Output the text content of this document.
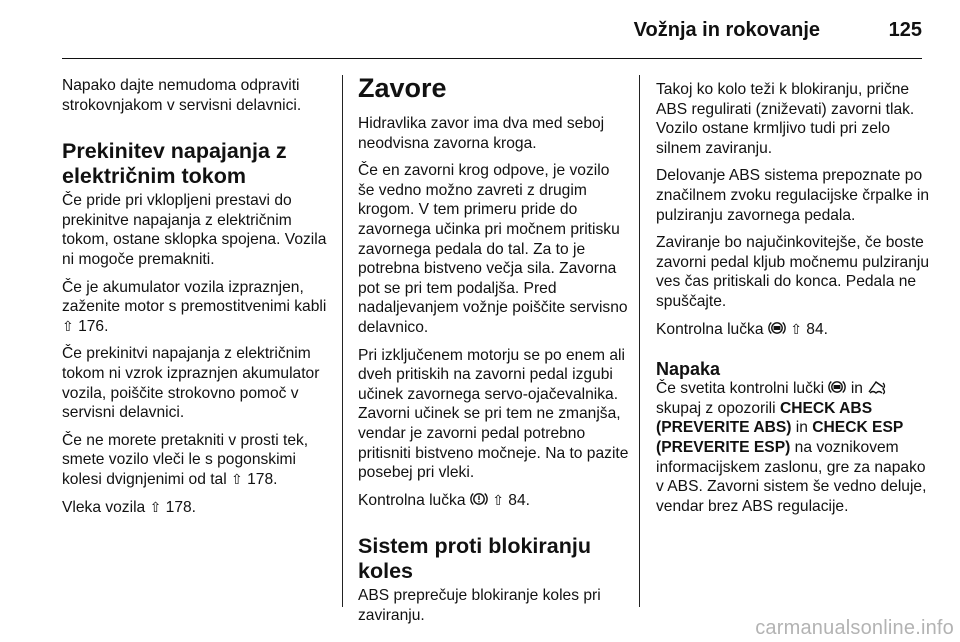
Vožnja in rokovanje	125

Napako dajte nemudoma odpraviti strokovnjakom v servisni delavnici.

Prekinitev napajanja z električnim tokom

Če pride pri vklopljeni prestavi do prekinitve napajanja z električnim tokom, ostane sklopka spojena. Vozila ni mogoče premakniti.

Če je akumulator vozila izpraznjen, zaženite motor s premostitvenimi kabli ⇧ 176.

Če prekinitvi napajanja z električnim tokom ni vzrok izpraznjen akumulator vozila, poiščite strokovno pomoč v servisni delavnici.

Če ne morete pretakniti v prosti tek, smete vozilo vleči le s pogonskimi kolesi dvignjenimi od tal ⇧ 178.

Vleka vozila ⇧ 178.

Zavore

Hidravlika zavor ima dva med seboj neodvisna zavorna kroga.

Če en zavorni krog odpove, je vozilo še vedno možno zavreti z drugim krogom. V tem primeru pride do zavornega učinka pri močnem pritisku zavornega pedala do tal. Za to je potrebna bistveno večja sila. Zavorna pot se pri tem podaljša. Pred nadaljevanjem vožnje poiščite servisno delavnico.

Pri izključenem motorju se po enem ali dveh pritiskih na zavorni pedal izgubi učinek zavornega servo-ojačevalnika. Zavorni učinek se pri tem ne zmanjša, vendar je zavorni pedal potrebno pritisniti bistveno močneje. Na to pazite posebej pri vleki.

Kontrolna lučka ⇧ 84.

Sistem proti blokiranju koles

ABS preprečuje blokiranje koles pri zaviranju.

Takoj ko kolo teži k blokiranju, prične ABS regulirati (zniževati) zavorni tlak. Vozilo ostane krmljivo tudi pri zelo silnem zaviranju.

Delovanje ABS sistema prepoznate po značilnem zvoku regulacijske črpalke in pulziranju zavornega pedala.

Zaviranje bo najučinkovitejše, če boste zavorni pedal kljub močnemu pulziranju ves čas pritiskali do konca. Pedala ne spuščajte.

Kontrolna lučka ⇧ 84.

Napaka

Če svetita kontrolni lučki in  skupaj z opozorili CHECK ABS (PREVERITE ABS) in CHECK ESP (PREVERITE ESP) na voznikovem informacijskem zaslonu, gre za napako v ABS. Zavorni sistem še vedno deluje, vendar brez ABS regulacije.

carmanualsonline.info
